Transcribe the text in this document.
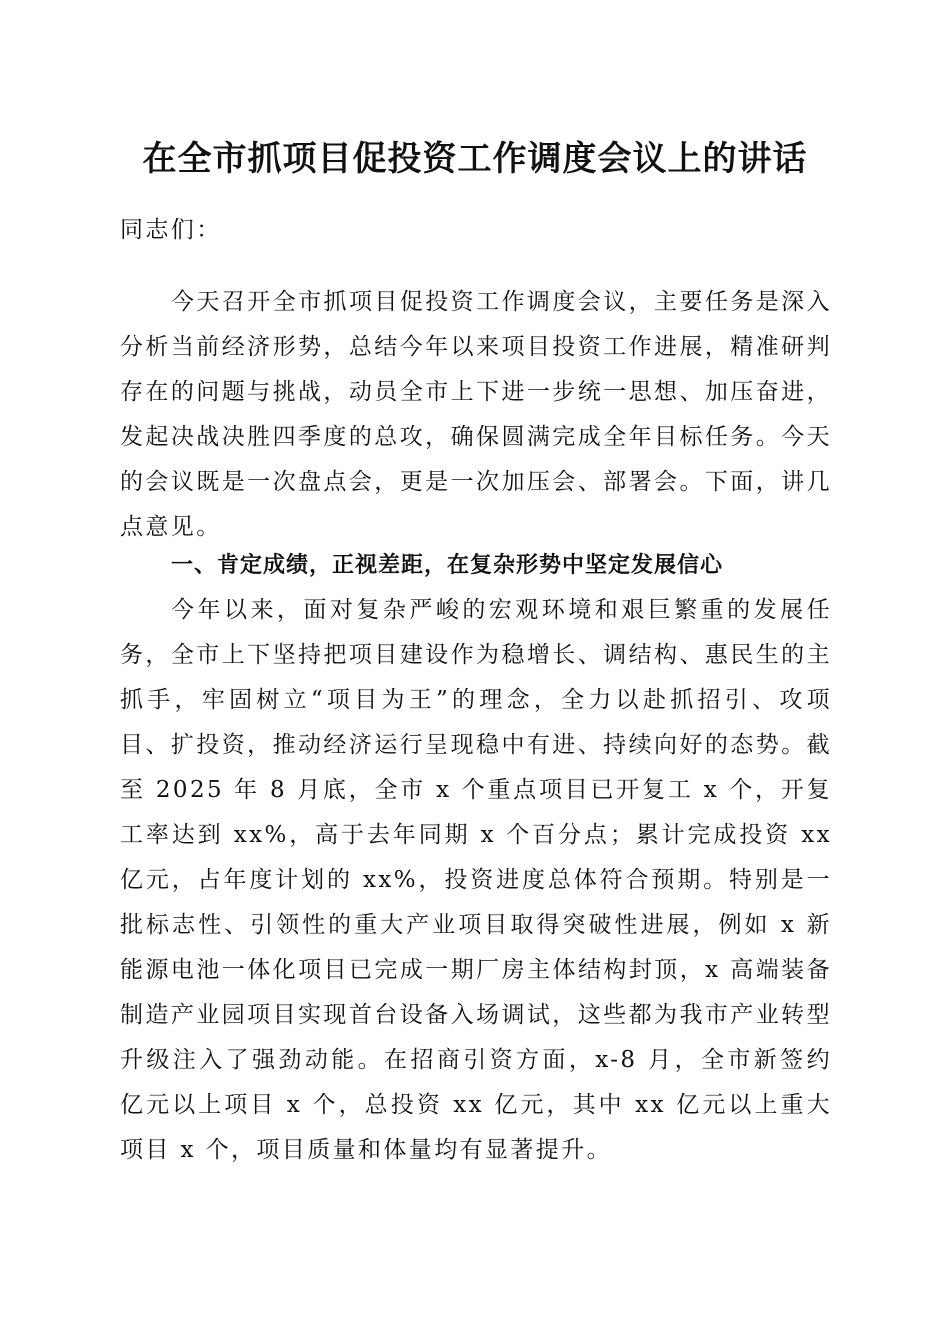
在全市抓项目促投资工作调度会议上的讲话

同志们：

今天召开全市抓项目促投资工作调度会议，主要任务是深入分析当前经济形势，总结今年以来项目投资工作进展，精准研判存在的问题与挑战，动员全市上下进一步统一思想、加压奋进，发起决战决胜四季度的总攻，确保圆满完成全年目标任务。今天的会议既是一次盘点会，更是一次加压会、部署会。下面，讲几点意见。

一、肯定成绩，正视差距，在复杂形势中坚定发展信心

今年以来，面对复杂严峻的宏观环境和艰巨繁重的发展任务，全市上下坚持把项目建设作为稳增长、调结构、惠民生的主抓手，牢固树立“项目为王”的理念，全力以赴抓招引、攻项目、扩投资，推动经济运行呈现稳中有进、持续向好的态势。截至 2025 年 8 月底，全市 x 个重点项目已开复工 x 个，开复工率达到 xx%，高于去年同期 x 个百分点；累计完成投资 xx 亿元，占年度计划的 xx%，投资进度总体符合预期。特别是一批标志性、引领性的重大产业项目取得突破性进展，例如 x 新能源电池一体化项目已完成一期厂房主体结构封顶，x 高端装备制造产业园项目实现首台设备入场调试，这些都为我市产业转型升级注入了强劲动能。在招商引资方面，x-8 月，全市新签约亿元以上项目 x 个，总投资 xx 亿元，其中 xx 亿元以上重大项目 x 个，项目质量和体量均有显著提升。
